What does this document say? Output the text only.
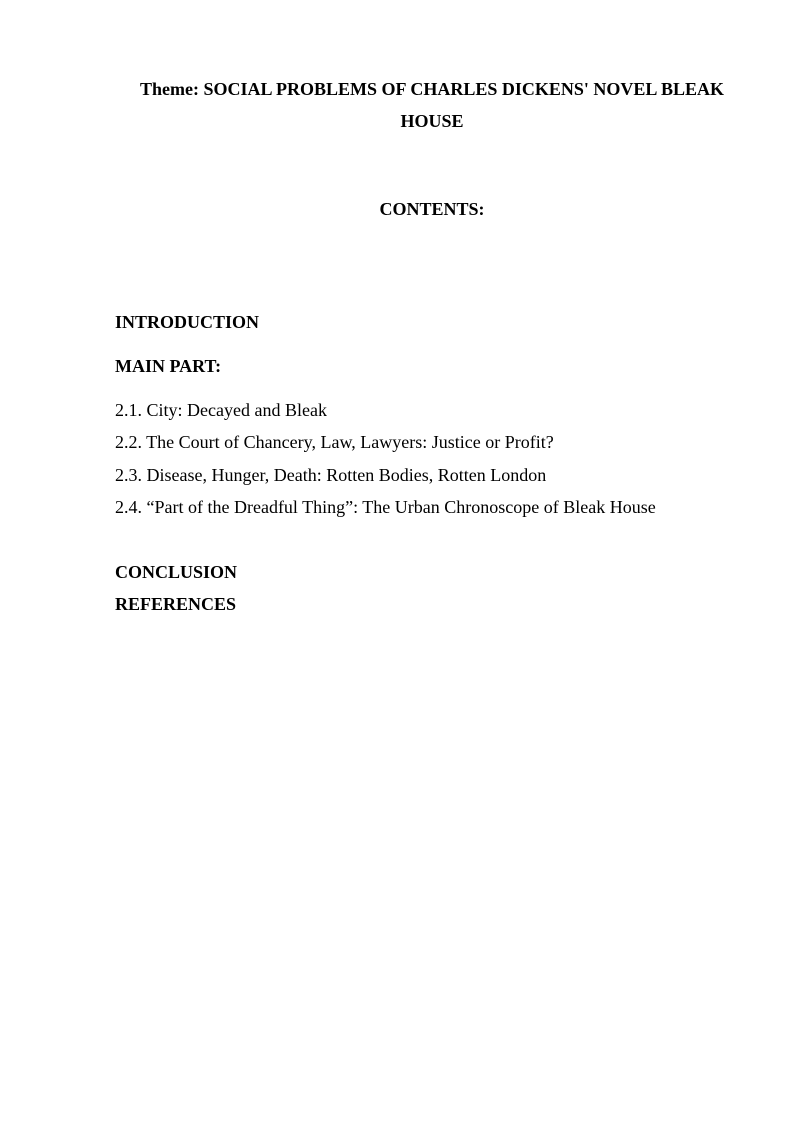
Theme: SOCIAL PROBLEMS OF CHARLES DICKENS' NOVEL BLEAK HOUSE
CONTENTS:
INTRODUCTION
MAIN PART:
2.1. City: Decayed and Bleak
2.2. The Court of Chancery, Law, Lawyers: Justice or Profit?
2.3. Disease, Hunger, Death: Rotten Bodies, Rotten London
2.4. “Part of the Dreadful Thing”: The Urban Chronoscope of Bleak House
CONCLUSION
REFERENCES
